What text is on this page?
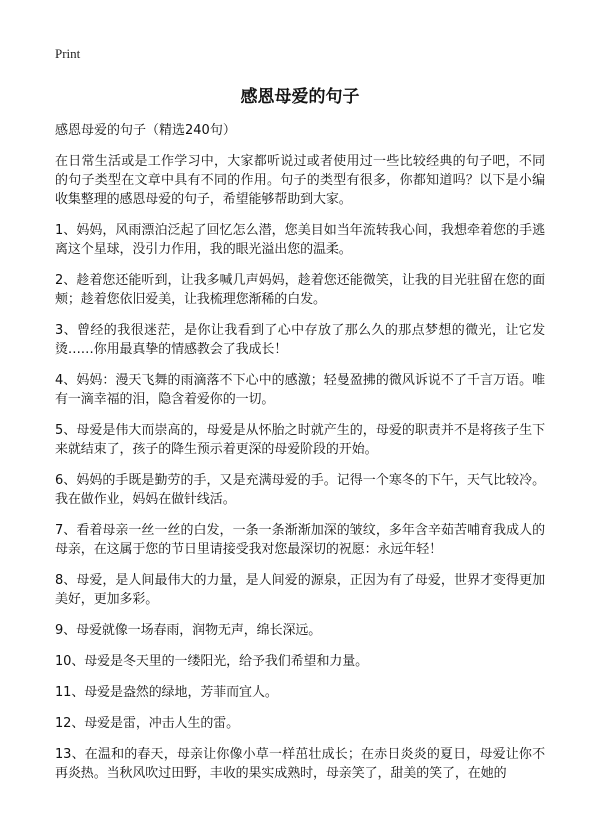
Print
感恩母爱的句子

感恩母爱的句子（精选240句）

在日常生活或是工作学习中，大家都听说过或者使用过一些比较经典的句子吧，不同的句子类型在文章中具有不同的作用。句子的类型有很多，你都知道吗？以下是小编收集整理的感恩母爱的句子，希望能够帮助到大家。

1、妈妈，风雨漂泊泛起了回忆怎么潜，您美目如当年流转我心间，我想牵着您的手逃离这个星球，没引力作用，我的眼光溢出您的温柔。

2、趁着您还能听到，让我多喊几声妈妈，趁着您还能微笑，让我的目光驻留在您的面颊；趁着您依旧爱美，让我梳理您渐稀的白发。

3、曾经的我很迷茫，是你让我看到了心中存放了那么久的那点梦想的微光，让它发烫……你用最真挚的情感教会了我成长！

4、妈妈：漫天飞舞的雨滴落不下心中的感激；轻曼盈拂的微风诉说不了千言万语。唯有一滴幸福的泪，隐含着爱你的一切。

5、母爱是伟大而崇高的，母爱是从怀胎之时就产生的，母爱的职责并不是将孩子生下来就结束了，孩子的降生预示着更深的母爱阶段的开始。

6、妈妈的手既是勤劳的手，又是充满母爱的手。记得一个寒冬的下午，天气比较冷。我在做作业，妈妈在做针线活。

7、看着母亲一丝一丝的白发，一条一条渐渐加深的皱纹，多年含辛茹苦哺育我成人的母亲，在这属于您的节日里请接受我对您最深切的祝愿：永远年轻！

8、母爱，是人间最伟大的力量，是人间爱的源泉，正因为有了母爱，世界才变得更加美好，更加多彩。

9、母爱就像一场春雨，润物无声，绵长深远。

10、母爱是冬天里的一缕阳光，给予我们希望和力量。

11、母爱是盎然的绿地，芳菲而宜人。

12、母爱是雷，冲击人生的雷。

13、在温和的春天，母亲让你像小草一样茁壮成长；在赤日炎炎的夏日，母爱让你不再炎热。当秋风吹过田野，丰收的果实成熟时，母亲笑了，甜美的笑了，在她的
